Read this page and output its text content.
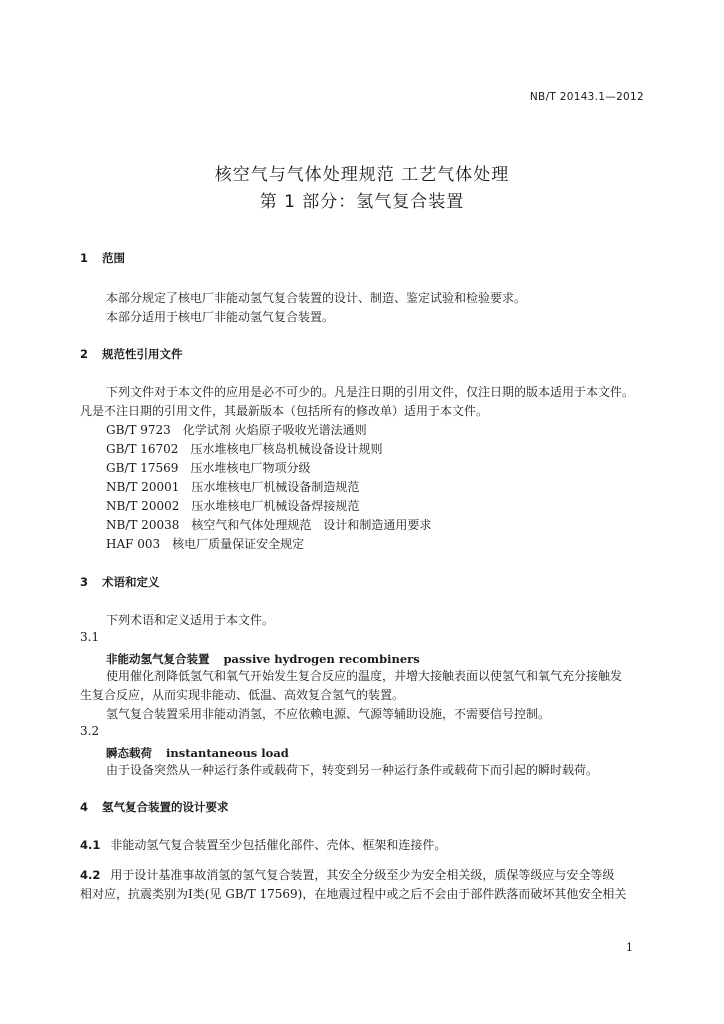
NB/T 20143.1—2012
核空气与气体处理规范 工艺气体处理
第 1 部分：氢气复合装置
1 范围
本部分规定了核电厂非能动氢气复合装置的设计、制造、鉴定试验和检验要求。
本部分适用于核电厂非能动氢气复合装置。
2 规范性引用文件
下列文件对于本文件的应用是必不可少的。凡是注日期的引用文件，仅注日期的版本适用于本文件。
凡是不注日期的引用文件，其最新版本（包括所有的修改单）适用于本文件。
GB/T 9723　化学试剂 火焰原子吸收光谱法通则
GB/T 16702　压水堆核电厂核岛机械设备设计规则
GB/T 17569　压水堆核电厂物项分级
NB/T 20001　压水堆核电厂机械设备制造规范
NB/T 20002　压水堆核电厂机械设备焊接规范
NB/T 20038　核空气和气体处理规范　设计和制造通用要求
HAF 003　核电厂质量保证安全规定
3 术语和定义
下列术语和定义适用于本文件。
3.1
非能动氢气复合装置 passive hydrogen recombiners
使用催化剂降低氢气和氧气开始发生复合反应的温度，并增大接触表面以使氢气和氧气充分接触发
生复合反应，从而实现非能动、低温、高效复合氢气的装置。
氢气复合装置采用非能动消氢，不应依赖电源、气源等辅助设施，不需要信号控制。
3.2
瞬态载荷 instantaneous load
由于设备突然从一种运行条件或载荷下，转变到另一种运行条件或载荷下而引起的瞬时载荷。
4 氢气复合装置的设计要求
4.1 非能动氢气复合装置至少包括催化部件、壳体、框架和连接件。
4.2 用于设计基准事故消氢的氢气复合装置，其安全分级至少为安全相关级，质保等级应与安全等级
相对应，抗震类别为Ⅰ类(见 GB/T 17569)，在地震过程中或之后不会由于部件跌落而破坏其他安全相关
1
